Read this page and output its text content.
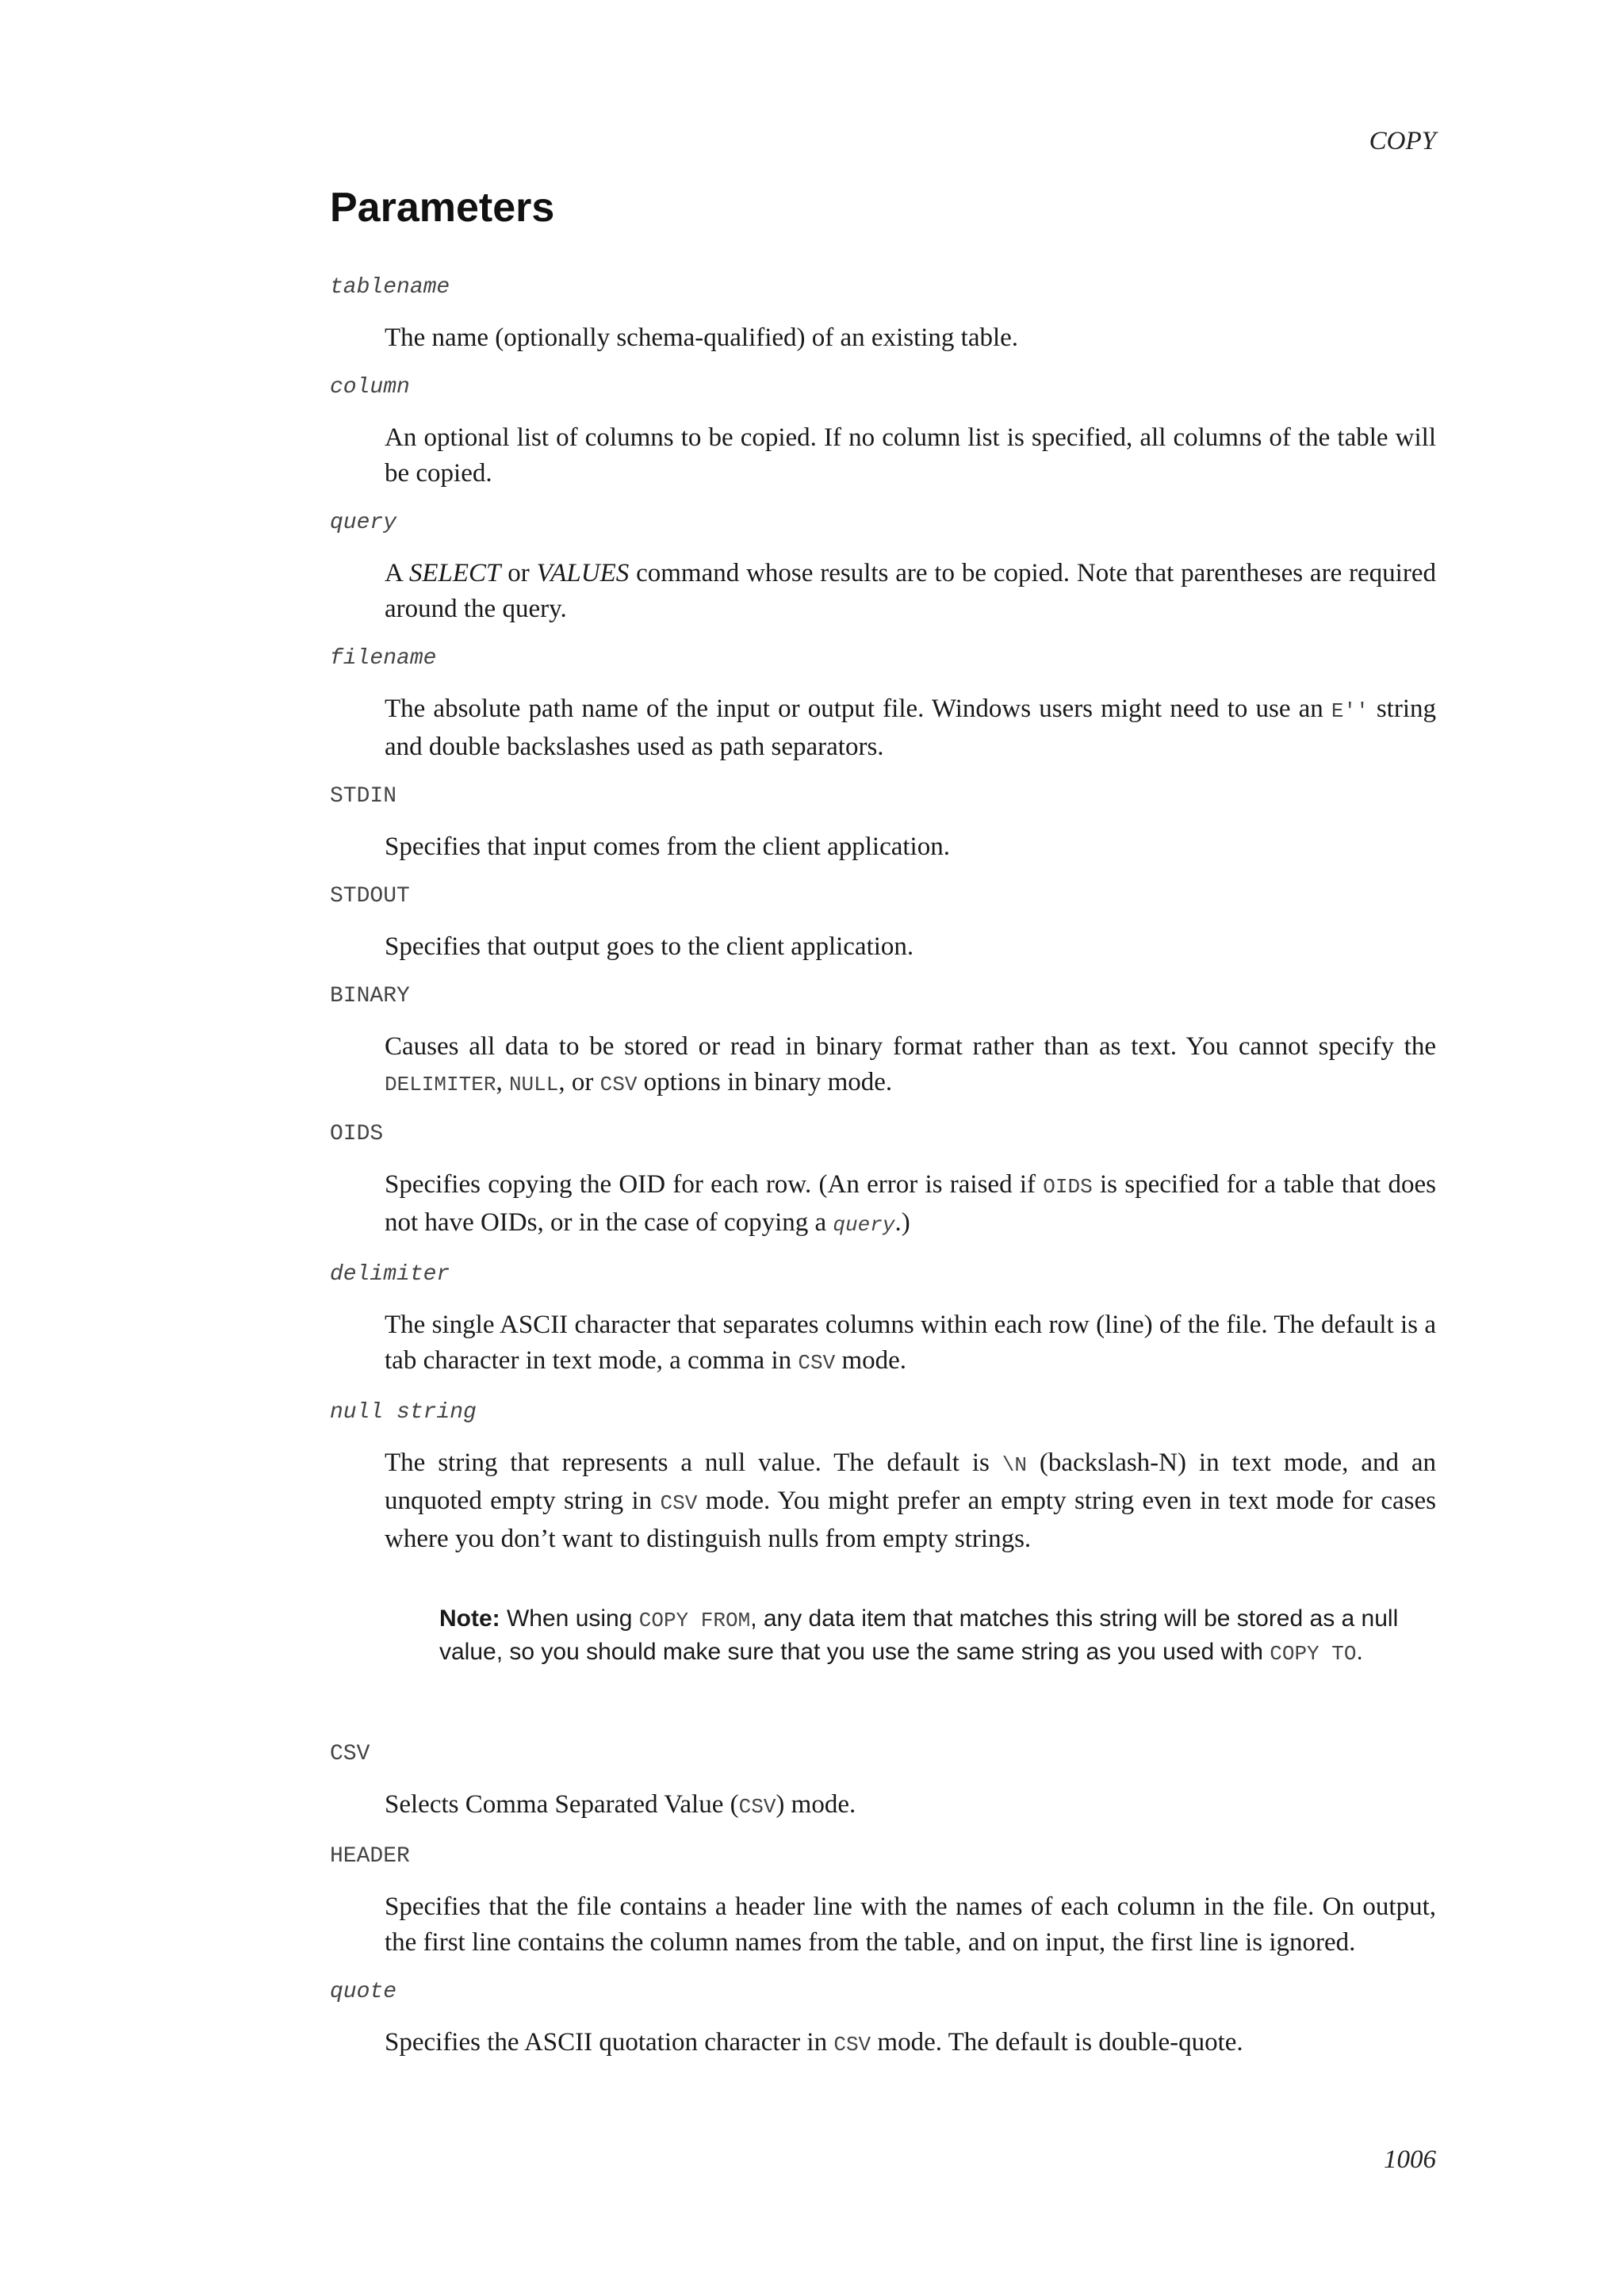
COPY
Parameters
tablename
The name (optionally schema-qualified) of an existing table.
column
An optional list of columns to be copied. If no column list is specified, all columns of the table will be copied.
query
A SELECT or VALUES command whose results are to be copied. Note that parentheses are required around the query.
filename
The absolute path name of the input or output file. Windows users might need to use an E'' string and double backslashes used as path separators.
STDIN
Specifies that input comes from the client application.
STDOUT
Specifies that output goes to the client application.
BINARY
Causes all data to be stored or read in binary format rather than as text. You cannot specify the DELIMITER, NULL, or CSV options in binary mode.
OIDS
Specifies copying the OID for each row. (An error is raised if OIDS is specified for a table that does not have OIDs, or in the case of copying a query.)
delimiter
The single ASCII character that separates columns within each row (line) of the file. The default is a tab character in text mode, a comma in CSV mode.
null string
The string that represents a null value. The default is \N (backslash-N) in text mode, and an unquoted empty string in CSV mode. You might prefer an empty string even in text mode for cases where you don’t want to distinguish nulls from empty strings.
Note: When using COPY FROM, any data item that matches this string will be stored as a null value, so you should make sure that you use the same string as you used with COPY TO.
CSV
Selects Comma Separated Value (CSV) mode.
HEADER
Specifies that the file contains a header line with the names of each column in the file. On output, the first line contains the column names from the table, and on input, the first line is ignored.
quote
Specifies the ASCII quotation character in CSV mode. The default is double-quote.
1006
